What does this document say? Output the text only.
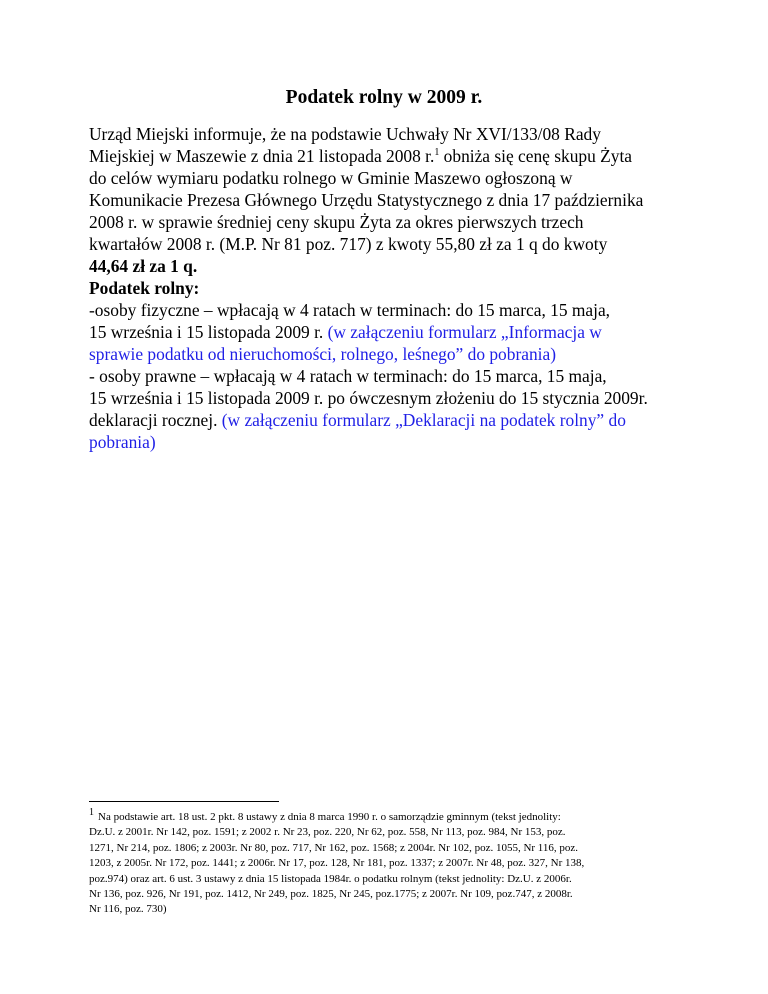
Podatek rolny w 2009 r.
Urząd Miejski informuje, że na podstawie Uchwały Nr XVI/133/08 Rady
Miejskiej w Maszewie z dnia 21 listopada 2008 r.$^1$ obniża się cenę skupu Żyta
do celów wymiaru podatku rolnego w Gminie Maszewo ogłoszoną w
Komunikacie Prezesa Głównego Urzędu Statystycznego z dnia 17 października
2008 r. w sprawie średniej ceny skupu Żyta za okres pierwszych trzech
kwartałów 2008 r. (M.P. Nr 81 poz. 717) z kwoty 55,80 zł za 1 q do kwoty
44,64 zł za 1 q.
Podatek rolny:
-osoby fizyczne – wpłacają w 4 ratach w terminach: do 15 marca, 15 maja,
15 września i 15 listopada 2009 r. (w załączeniu formularz „Informacja w
sprawie podatku od nieruchomości, rolnego, leśnego” do pobrania)
- osoby prawne – wpłacają w 4 ratach w terminach: do 15 marca, 15 maja,
15 września i 15 listopada 2009 r. po ówczesnym złożeniu do 15 stycznia 2009r.
deklaracji rocznej. (w załączeniu formularz „Deklaracji na podatek rolny” do
pobrania)
1 Na podstawie art. 18 ust. 2 pkt. 8 ustawy z dnia 8 marca 1990 r. o samorządzie gminnym (tekst jednolity:
Dz.U. z 2001r. Nr 142, poz. 1591; z 2002 r. Nr 23, poz. 220, Nr 62, poz. 558, Nr 113, poz. 984, Nr 153, poz.
1271, Nr 214, poz. 1806; z 2003r. Nr 80, poz. 717, Nr 162, poz. 1568; z 2004r. Nr 102, poz. 1055, Nr 116, poz.
1203, z 2005r. Nr 172, poz. 1441; z 2006r. Nr 17, poz. 128, Nr 181, poz. 1337; z 2007r. Nr 48, poz. 327, Nr 138,
poz.974) oraz art. 6 ust. 3 ustawy z dnia 15 listopada 1984r. o podatku rolnym (tekst jednolity: Dz.U. z 2006r.
Nr 136, poz. 926, Nr 191, poz. 1412, Nr 249, poz. 1825, Nr 245, poz.1775; z 2007r. Nr 109, poz.747, z 2008r.
Nr 116, poz. 730)
